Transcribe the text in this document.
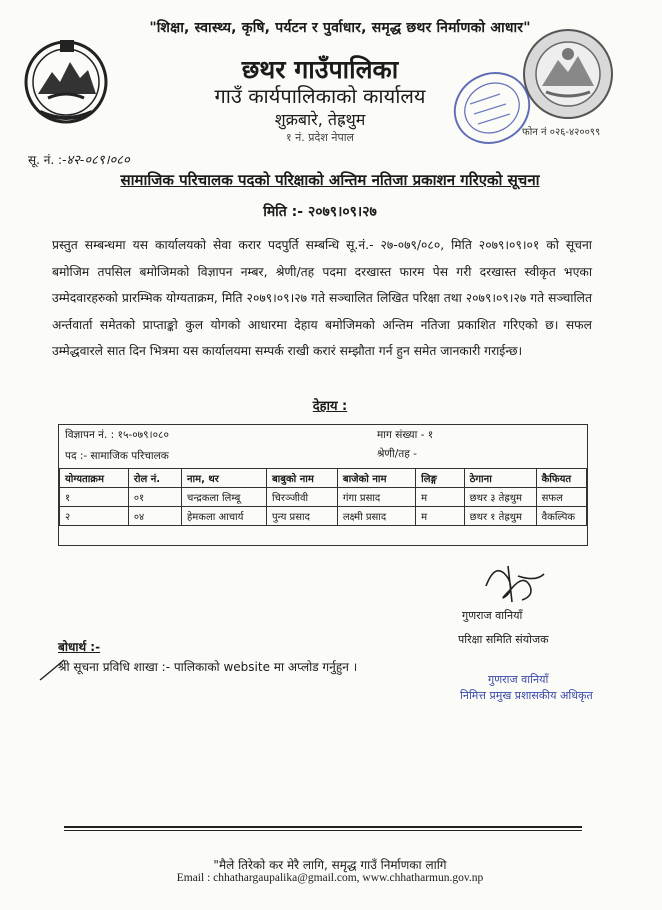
"शिक्षा, स्वास्थ्य, कृषि, पर्यटन र पुर्वाधार, समृद्ध छथर निर्माणको आधार"
छथर गाउँपालिका
गाउँ कार्यपालिकाको कार्यालय
शुक्रबारे, तेह्रथुम
१ नं. प्रदेश नेपाल	फोन नं ०२६-४२००९९
सू. नं. :-४२-०८९।०८०
सामाजिक परिचालक पदको परिक्षाको अन्तिम नतिजा प्रकाशन गरिएको सूचना
मिति :- २०७९।०९।२७
प्रस्तुत सम्बन्धमा यस कार्यालयको सेवा करार पदपुर्ति सम्बन्धि सू.नं.- २७-०७९/०८०, मिति २०७९।०९।०१ को सूचना बमोजिम तपसिल बमोजिमको विज्ञापन नम्बर, श्रेणी/तह पदमा दरखास्त फारम पेस गरी दरखास्त स्वीकृत भएका उम्मेदवारहरुको प्रारम्भिक योग्यताक्रम, मिति २०७९।०९।२७ गते सञ्चालित लिखित परिक्षा तथा २०७९।०९।२७ गते सञ्चालित अर्न्तवार्ता समेतको प्राप्ताङ्को कुल योगको आधारमा देहाय बमोजिमको अन्तिम नतिजा प्रकाशित गरिएको छ। सफल उम्मेद्धवारले सात दिन भित्रमा यस कार्यालयमा सम्पर्क राखी करारं सम्झौता गर्न हुन समेत जानकारी गराईन्छ।
देहाय :
विज्ञापन नं. : १५-०७९।०८०	माग संख्या - १
पद :- सामाजिक परिचालक	श्रेणी/तह -
योग्यताक्रम	रोल नं.	नाम, थर	बाबुको नाम	बाजेको नाम	लिङ्ग	ठेगाना	कैफियत
१	०१	चन्द्रकला लिम्बू	चिरञ्जीवी	गंगा प्रसाद	म	छथर ३ तेह्रथुम	सफल
२	०४	हेमकला आचार्य	पुन्य प्रसाद	लक्ष्मी प्रसाद	म	छथर १ तेह्रथुम	वैकल्पिक
गुणराज वानियाँ
परिक्षा समिति संयोजक
बोधार्थ :-
श्री सूचना प्रविधि शाखा :- पालिकाको website मा अप्लोड गर्नुहुन ।
गुणराज वानियाँ
निमित्त प्रमुख प्रशासकीय अधिकृत
"मैले तिरेको कर मेरै लागि, समृद्ध गाउँ निर्माणका लागि
Email : chhathargaupalika@gmail.com, www.chhatharmun.gov.np
